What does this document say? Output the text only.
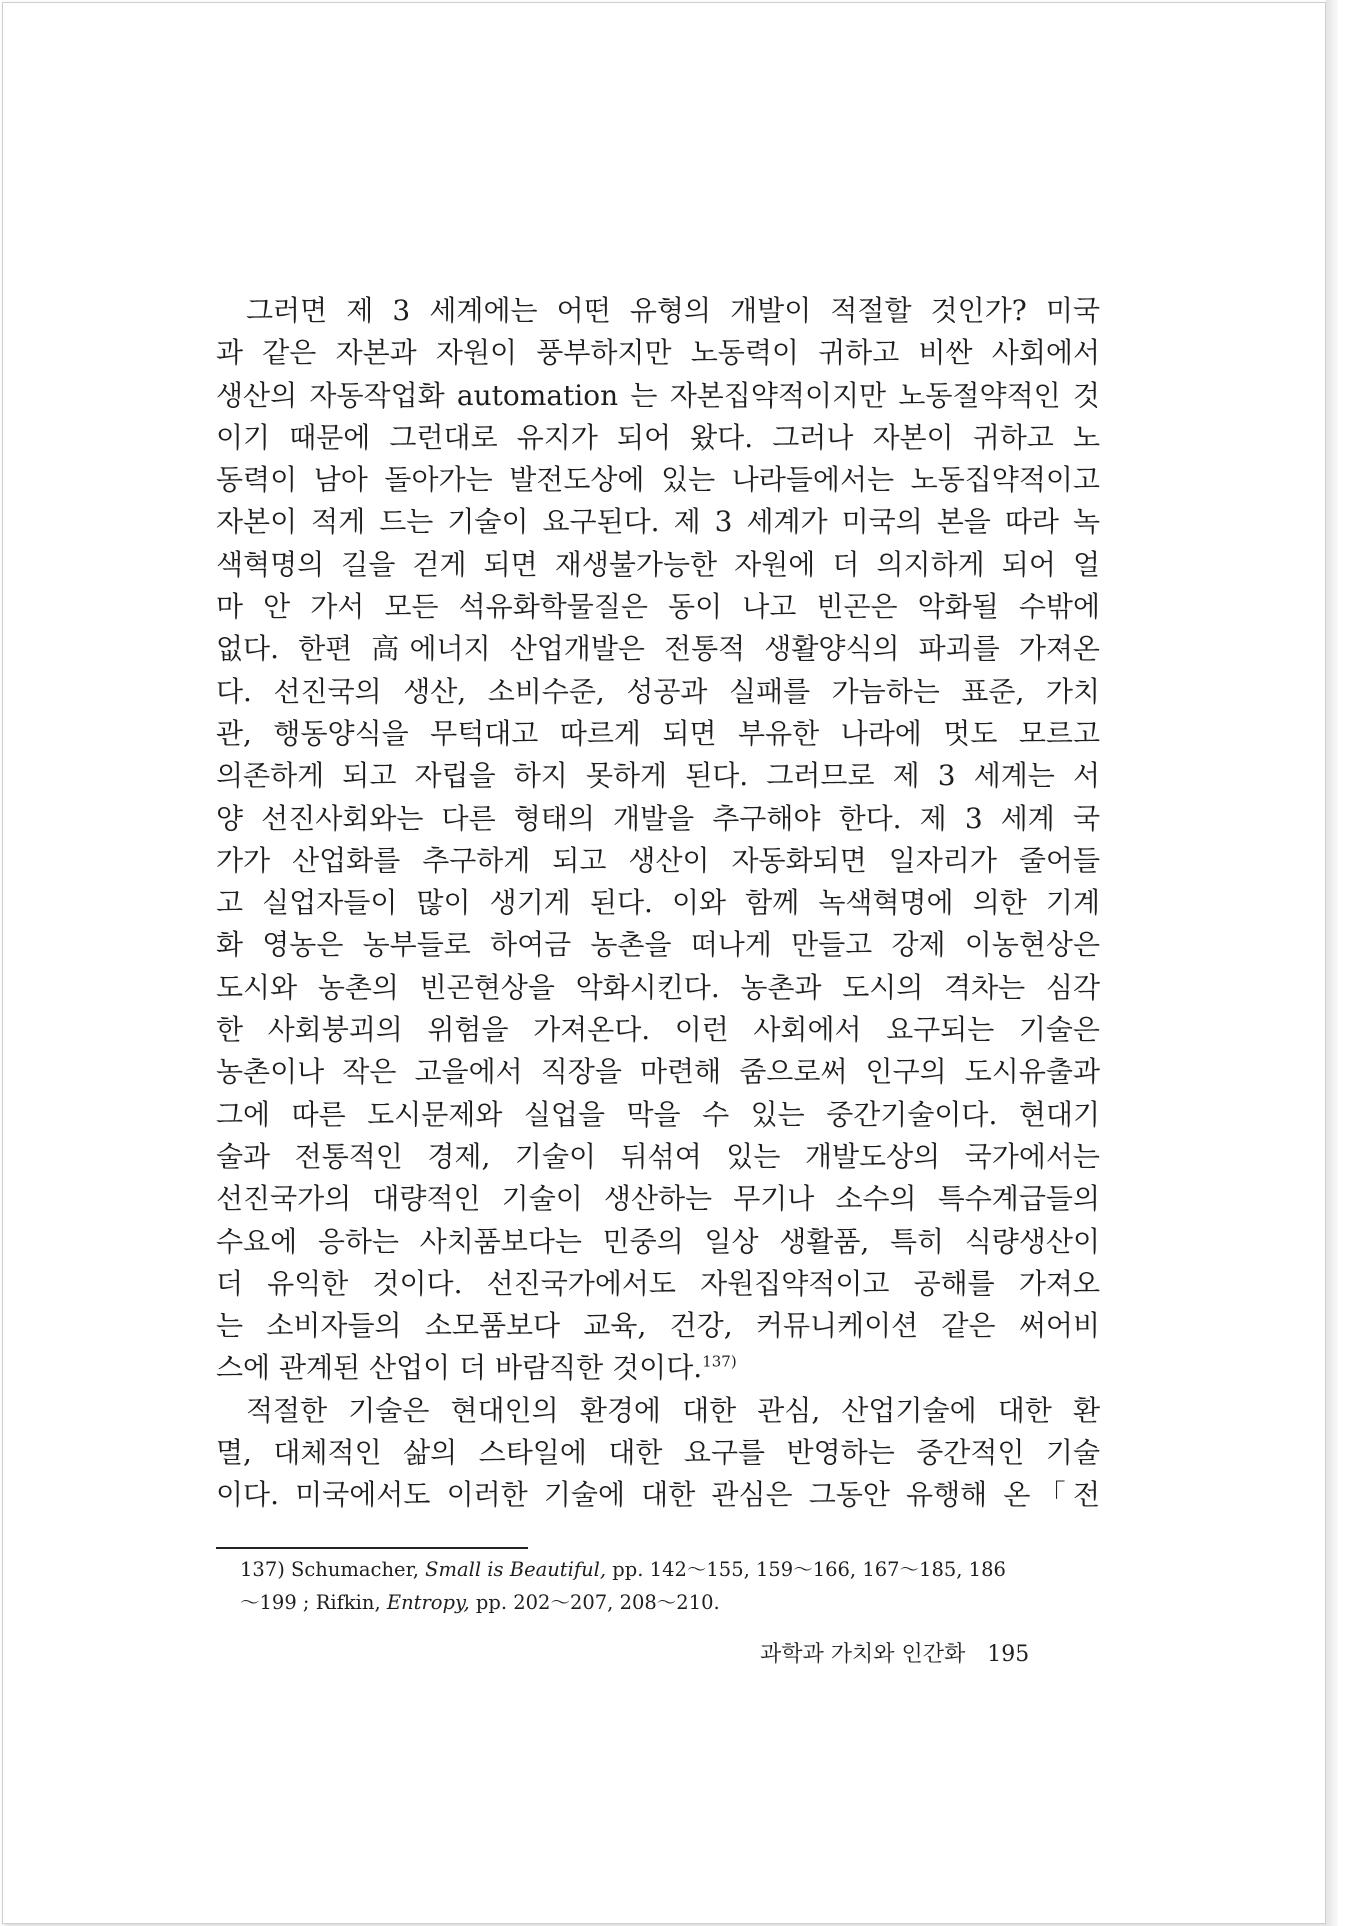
그러면 제 3 세계에는 어떤 유형의 개발이 적절할 것인가? 미국

과 같은 자본과 자원이 풍부하지만 노동력이 귀하고 비싼 사회에서

생산의 자동작업화 automation 는 자본집약적이지만 노동절약적인 것

이기 때문에 그런대로 유지가 되어 왔다. 그러나 자본이 귀하고 노

동력이 남아 돌아가는 발전도상에 있는 나라들에서는 노동집약적이고

자본이 적게 드는 기술이 요구된다. 제 3 세계가 미국의 본을 따라 녹

색혁명의 길을 걷게 되면 재생불가능한 자원에 더 의지하게 되어 얼

마 안 가서 모든 석유화학물질은 동이 나고 빈곤은 악화될 수밖에

없다. 한편 高에너지 산업개발은 전통적 생활양식의 파괴를 가져온

다. 선진국의 생산, 소비수준, 성공과 실패를 가늠하는 표준, 가치

관, 행동양식을 무턱대고 따르게 되면 부유한 나라에 멋도 모르고

의존하게 되고 자립을 하지 못하게 된다. 그러므로 제 3 세계는 서

양 선진사회와는 다른 형태의 개발을 추구해야 한다. 제 3 세계 국

가가 산업화를 추구하게 되고 생산이 자동화되면 일자리가 줄어들

고 실업자들이 많이 생기게 된다. 이와 함께 녹색혁명에 의한 기계

화 영농은 농부들로 하여금 농촌을 떠나게 만들고 강제 이농현상은

도시와 농촌의 빈곤현상을 악화시킨다. 농촌과 도시의 격차는 심각

한 사회붕괴의 위험을 가져온다. 이런 사회에서 요구되는 기술은

농촌이나 작은 고을에서 직장을 마련해 줌으로써 인구의 도시유출과

그에 따른 도시문제와 실업을 막을 수 있는 중간기술이다. 현대기

술과 전통적인 경제, 기술이 뒤섞여 있는 개발도상의 국가에서는

선진국가의 대량적인 기술이 생산하는 무기나 소수의 특수계급들의

수요에 응하는 사치품보다는 민중의 일상 생활품, 특히 식량생산이

더 유익한 것이다. 선진국가에서도 자원집약적이고 공해를 가져오

는 소비자들의 소모품보다 교육, 건강, 커뮤니케이션 같은 써어비

스에 관계된 산업이 더 바람직한 것이다.$^{137)}$

적절한 기술은 현대인의 환경에 대한 관심, 산업기술에 대한 환

멸, 대체적인 삶의 스타일에 대한 요구를 반영하는 중간적인 기술

이다. 미국에서도 이러한 기술에 대한 관심은 그동안 유행해 온「전

137) Schumacher, Small is Beautiful, pp. 142～155, 159～166, 167～185, 186

～199 ; Rifkin, Entropy, pp. 202～207, 208～210.

과학과 가치와 인간화 195
